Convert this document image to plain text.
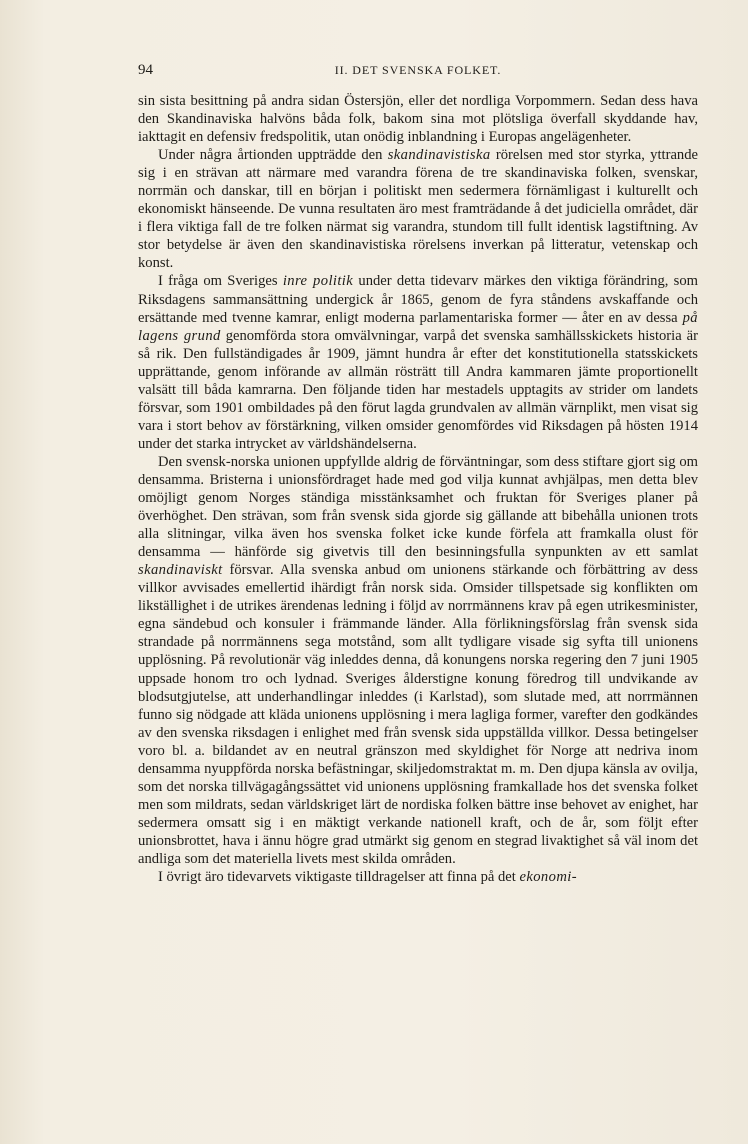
94	II. DET SVENSKA FOLKET.

sin sista besittning på andra sidan Östersjön, eller det nordliga Vorpommern. Sedan dess hava den Skandinaviska halvöns båda folk, bakom sina mot plötsliga överfall skyddande hav, iakttagit en defensiv fredspolitik, utan onödig inblandning i Europas angelägenheter.

Under några årtionden uppträdde den skandinavistiska rörelsen med stor styrka, yttrande sig i en strävan att närmare med varandra förena de tre skandinaviska folken, svenskar, norrmän och danskar, till en början i politiskt men sedermera förnämligast i kulturellt och ekonomiskt hänseende. De vunna resultaten äro mest framträdande å det judiciella området, där i flera viktiga fall de tre folken närmat sig varandra, stundom till fullt identisk lagstiftning. Av stor betydelse är även den skandinavistiska rörelsens inverkan på litteratur, vetenskap och konst.

I fråga om Sveriges inre politik under detta tidevarv märkes den viktiga förändring, som Riksdagens sammansättning undergick år 1865, genom de fyra ståndens avskaffande och ersättande med tvenne kamrar, enligt moderna parlamentariska former — åter en av dessa på lagens grund genomförda stora omvälvningar, varpå det svenska samhällsskickets historia är så rik. Den fullständigades år 1909, jämnt hundra år efter det konstitutionella statsskickets upprättande, genom införande av allmän rösträtt till Andra kammaren jämte proportionellt valsätt till båda kamrarna. Den följande tiden har mestadels upptagits av strider om landets försvar, som 1901 ombildades på den förut lagda grundvalen av allmän värnplikt, men visat sig vara i stort behov av förstärkning, vilken omsider genomfördes vid Riksdagen på hösten 1914 under det starka intrycket av världshändelserna.

Den svensk-norska unionen uppfyllde aldrig de förväntningar, som dess stiftare gjort sig om densamma. Bristerna i unionsfördraget hade med god vilja kunnat avhjälpas, men detta blev omöjligt genom Norges ständiga misstänksamhet och fruktan för Sveriges planer på överhöghet. Den strävan, som från svensk sida gjorde sig gällande att bibehålla unionen trots alla slitningar, vilka även hos svenska folket icke kunde förfela att framkalla olust för densamma — hänförde sig givetvis till den besinningsfulla synpunkten av ett samlat skandinaviskt försvar. Alla svenska anbud om unionens stärkande och förbättring av dess villkor avvisades emellertid ihärdigt från norsk sida. Omsider tillspetsade sig konflikten om likställighet i de utrikes ärendenas ledning i följd av norrmännens krav på egen utrikesminister, egna sändebud och konsuler i främmande länder. Alla förlikningsförslag från svensk sida strandade på norrmännens sega motstånd, som allt tydligare visade sig syfta till unionens upplösning. På revolutionär väg inleddes denna, då konungens norska regering den 7 juni 1905 uppsade honom tro och lydnad. Sveriges ålderstigne konung föredrog till undvikande av blodsutgjutelse, att underhandlingar inleddes (i Karlstad), som slutade med, att norrmännen funno sig nödgade att kläda unionens upplösning i mera lagliga former, varefter den godkändes av den svenska riksdagen i enlighet med från svensk sida uppställda villkor. Dessa betingelser voro bl. a. bildandet av en neutral gränszon med skyldighet för Norge att nedriva inom densamma nyuppförda norska befästningar, skiljedomstraktat m. m. Den djupa känsla av ovilja, som det norska tillvägagångssättet vid unionens upplösning framkallade hos det svenska folket men som mildrats, sedan världskriget lärt de nordiska folken bättre inse behovet av enighet, har sedermera omsatt sig i en mäktigt verkande nationell kraft, och de år, som följt efter unionsbrottet, hava i ännu högre grad utmärkt sig genom en stegrad livaktighet så väl inom det andliga som det materiella livets mest skilda områden.

I övrigt äro tidevarvets viktigaste tilldragelser att finna på det ekonomi-
